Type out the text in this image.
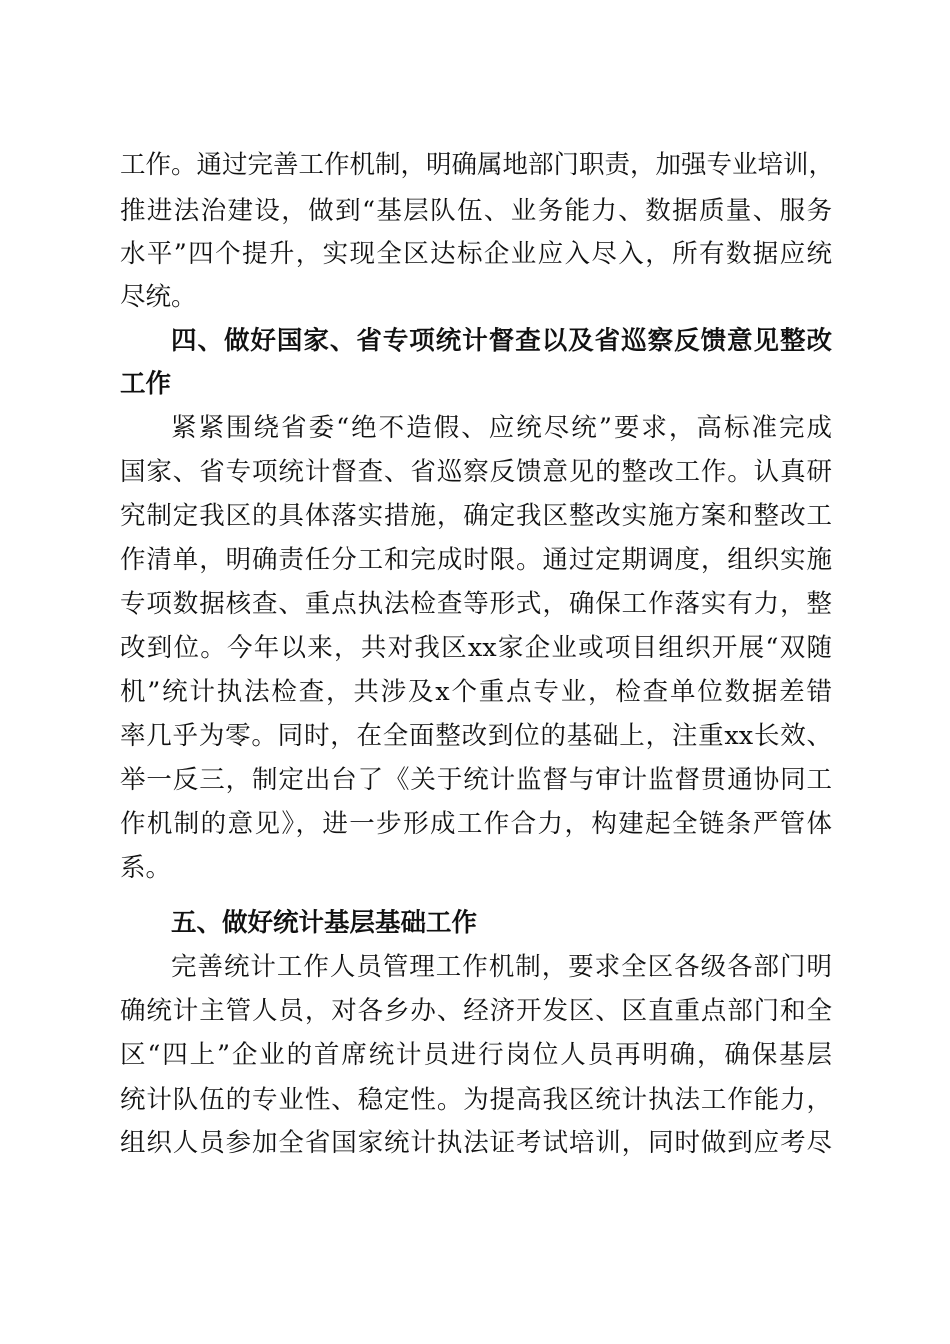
工作。通过完善工作机制，明确属地部门职责，加强专业培训，
推进法治建设，做到“基层队伍、业务能力、数据质量、服务
水平”四个提升，实现全区达标企业应入尽入，所有数据应统
尽统。
四、做好国家、省专项统计督查以及省巡察反馈意见整改
工作
紧紧围绕省委“绝不造假、应统尽统”要求，高标准完成
国家、省专项统计督查、省巡察反馈意见的整改工作。认真研
究制定我区的具体落实措施，确定我区整改实施方案和整改工
作清单，明确责任分工和完成时限。通过定期调度，组织实施
专项数据核查、重点执法检查等形式，确保工作落实有力，整
改到位。今年以来，共对我区xx家企业或项目组织开展“双随
机”统计执法检查，共涉及x个重点专业，检查单位数据差错
率几乎为零。同时，在全面整改到位的基础上，注重xx长效、
举一反三，制定出台了《关于统计监督与审计监督贯通协同工
作机制的意见》，进一步形成工作合力，构建起全链条严管体
系。
五、做好统计基层基础工作
完善统计工作人员管理工作机制，要求全区各级各部门明
确统计主管人员，对各乡办、经济开发区、区直重点部门和全
区“四上”企业的首席统计员进行岗位人员再明确，确保基层
统计队伍的专业性、稳定性。为提高我区统计执法工作能力，
组织人员参加全省国家统计执法证考试培训，同时做到应考尽
